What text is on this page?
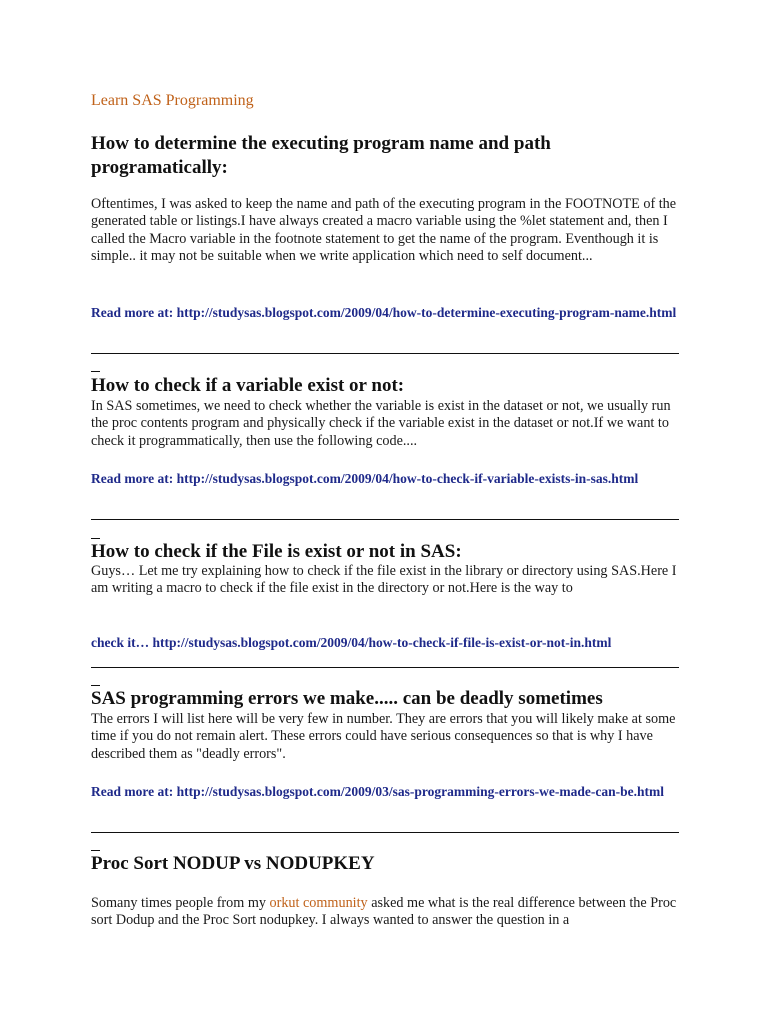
Learn SAS Programming
How to determine the executing program name and path programatically:

Oftentimes, I was asked to keep the name and path of the executing program in the FOOTNOTE of the generated table or listings.I have always created a macro variable using the %let statement and, then I called the Macro variable in the footnote statement to get the name of the program. Eventhough it is simple.. it may not be suitable when we write application which need to self document...

Read more at: http://studysas.blogspot.com/2009/04/how-to-determine-executing-program-name.html
How to check if a variable exist or not:

In SAS sometimes, we need to check whether the variable is exist in the dataset or not, we usually run the proc contents program and physically check if the variable exist in the dataset or not.If we want to check it programmatically, then use the following code....

Read more at: http://studysas.blogspot.com/2009/04/how-to-check-if-variable-exists-in-sas.html
How to check if the File is exist or not in SAS:

Guys… Let me try explaining how to check if the file exist in the library or directory using SAS.Here I am writing a macro to check if the file exist in the directory or not.Here is the way to

check it… http://studysas.blogspot.com/2009/04/how-to-check-if-file-is-exist-or-not-in.html
SAS programming errors we make..... can be deadly sometimes

The errors I will list here will be very few in number. They are errors that you will likely make at some time if you do not remain alert. These errors could have serious consequences so that is why I have described them as "deadly errors".

Read more at: http://studysas.blogspot.com/2009/03/sas-programming-errors-we-made-can-be.html
Proc Sort NODUP vs NODUPKEY

Somany times people from my orkut community asked me what is the real difference between the Proc sort Dodup and the Proc Sort nodupkey. I always wanted to answer the question in a
